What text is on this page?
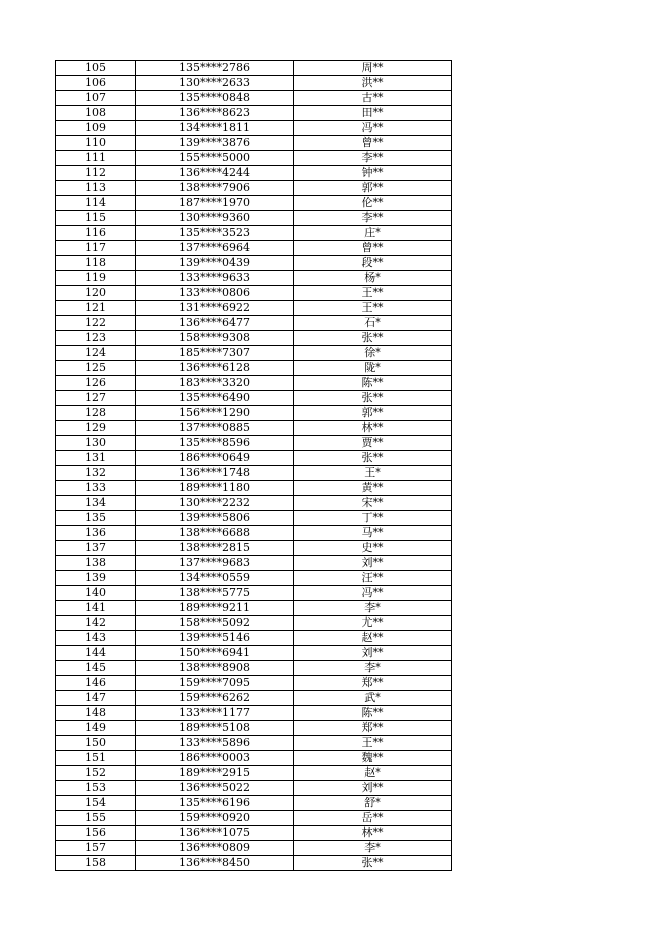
105	135****2786	周**
106	130****2633	洪**
107	135****0848	古**
108	136****8623	田**
109	134****1811	冯**
110	139****3876	曾**
111	155****5000	李**
112	136****4244	钟**
113	138****7906	郭**
114	187****1970	伦**
115	130****9360	李**
116	135****3523	庄*
117	137****6964	曾**
118	139****0439	段**
119	133****9633	杨*
120	133****0806	王**
121	131****6922	王**
122	136****6477	石*
123	158****9308	张**
124	185****7307	徐*
125	136****6128	陇*
126	183****3320	陈**
127	135****6490	张**
128	156****1290	郭**
129	137****0885	林**
130	135****8596	贾**
131	186****0649	张**
132	136****1748	王*
133	189****1180	黄**
134	130****2232	宋**
135	139****5806	丁**
136	138****6688	马**
137	138****2815	史**
138	137****9683	刘**
139	134****0559	汪**
140	138****5775	冯**
141	189****9211	李*
142	158****5092	尤**
143	139****5146	赵**
144	150****6941	刘**
145	138****8908	李*
146	159****7095	郑**
147	159****6262	武*
148	133****1177	陈**
149	189****5108	郑**
150	133****5896	王**
151	186****0003	魏**
152	189****2915	赵*
153	136****5022	刘**
154	135****6196	舒*
155	159****0920	岳**
156	136****1075	林**
157	136****0809	李*
158	136****8450	张**
